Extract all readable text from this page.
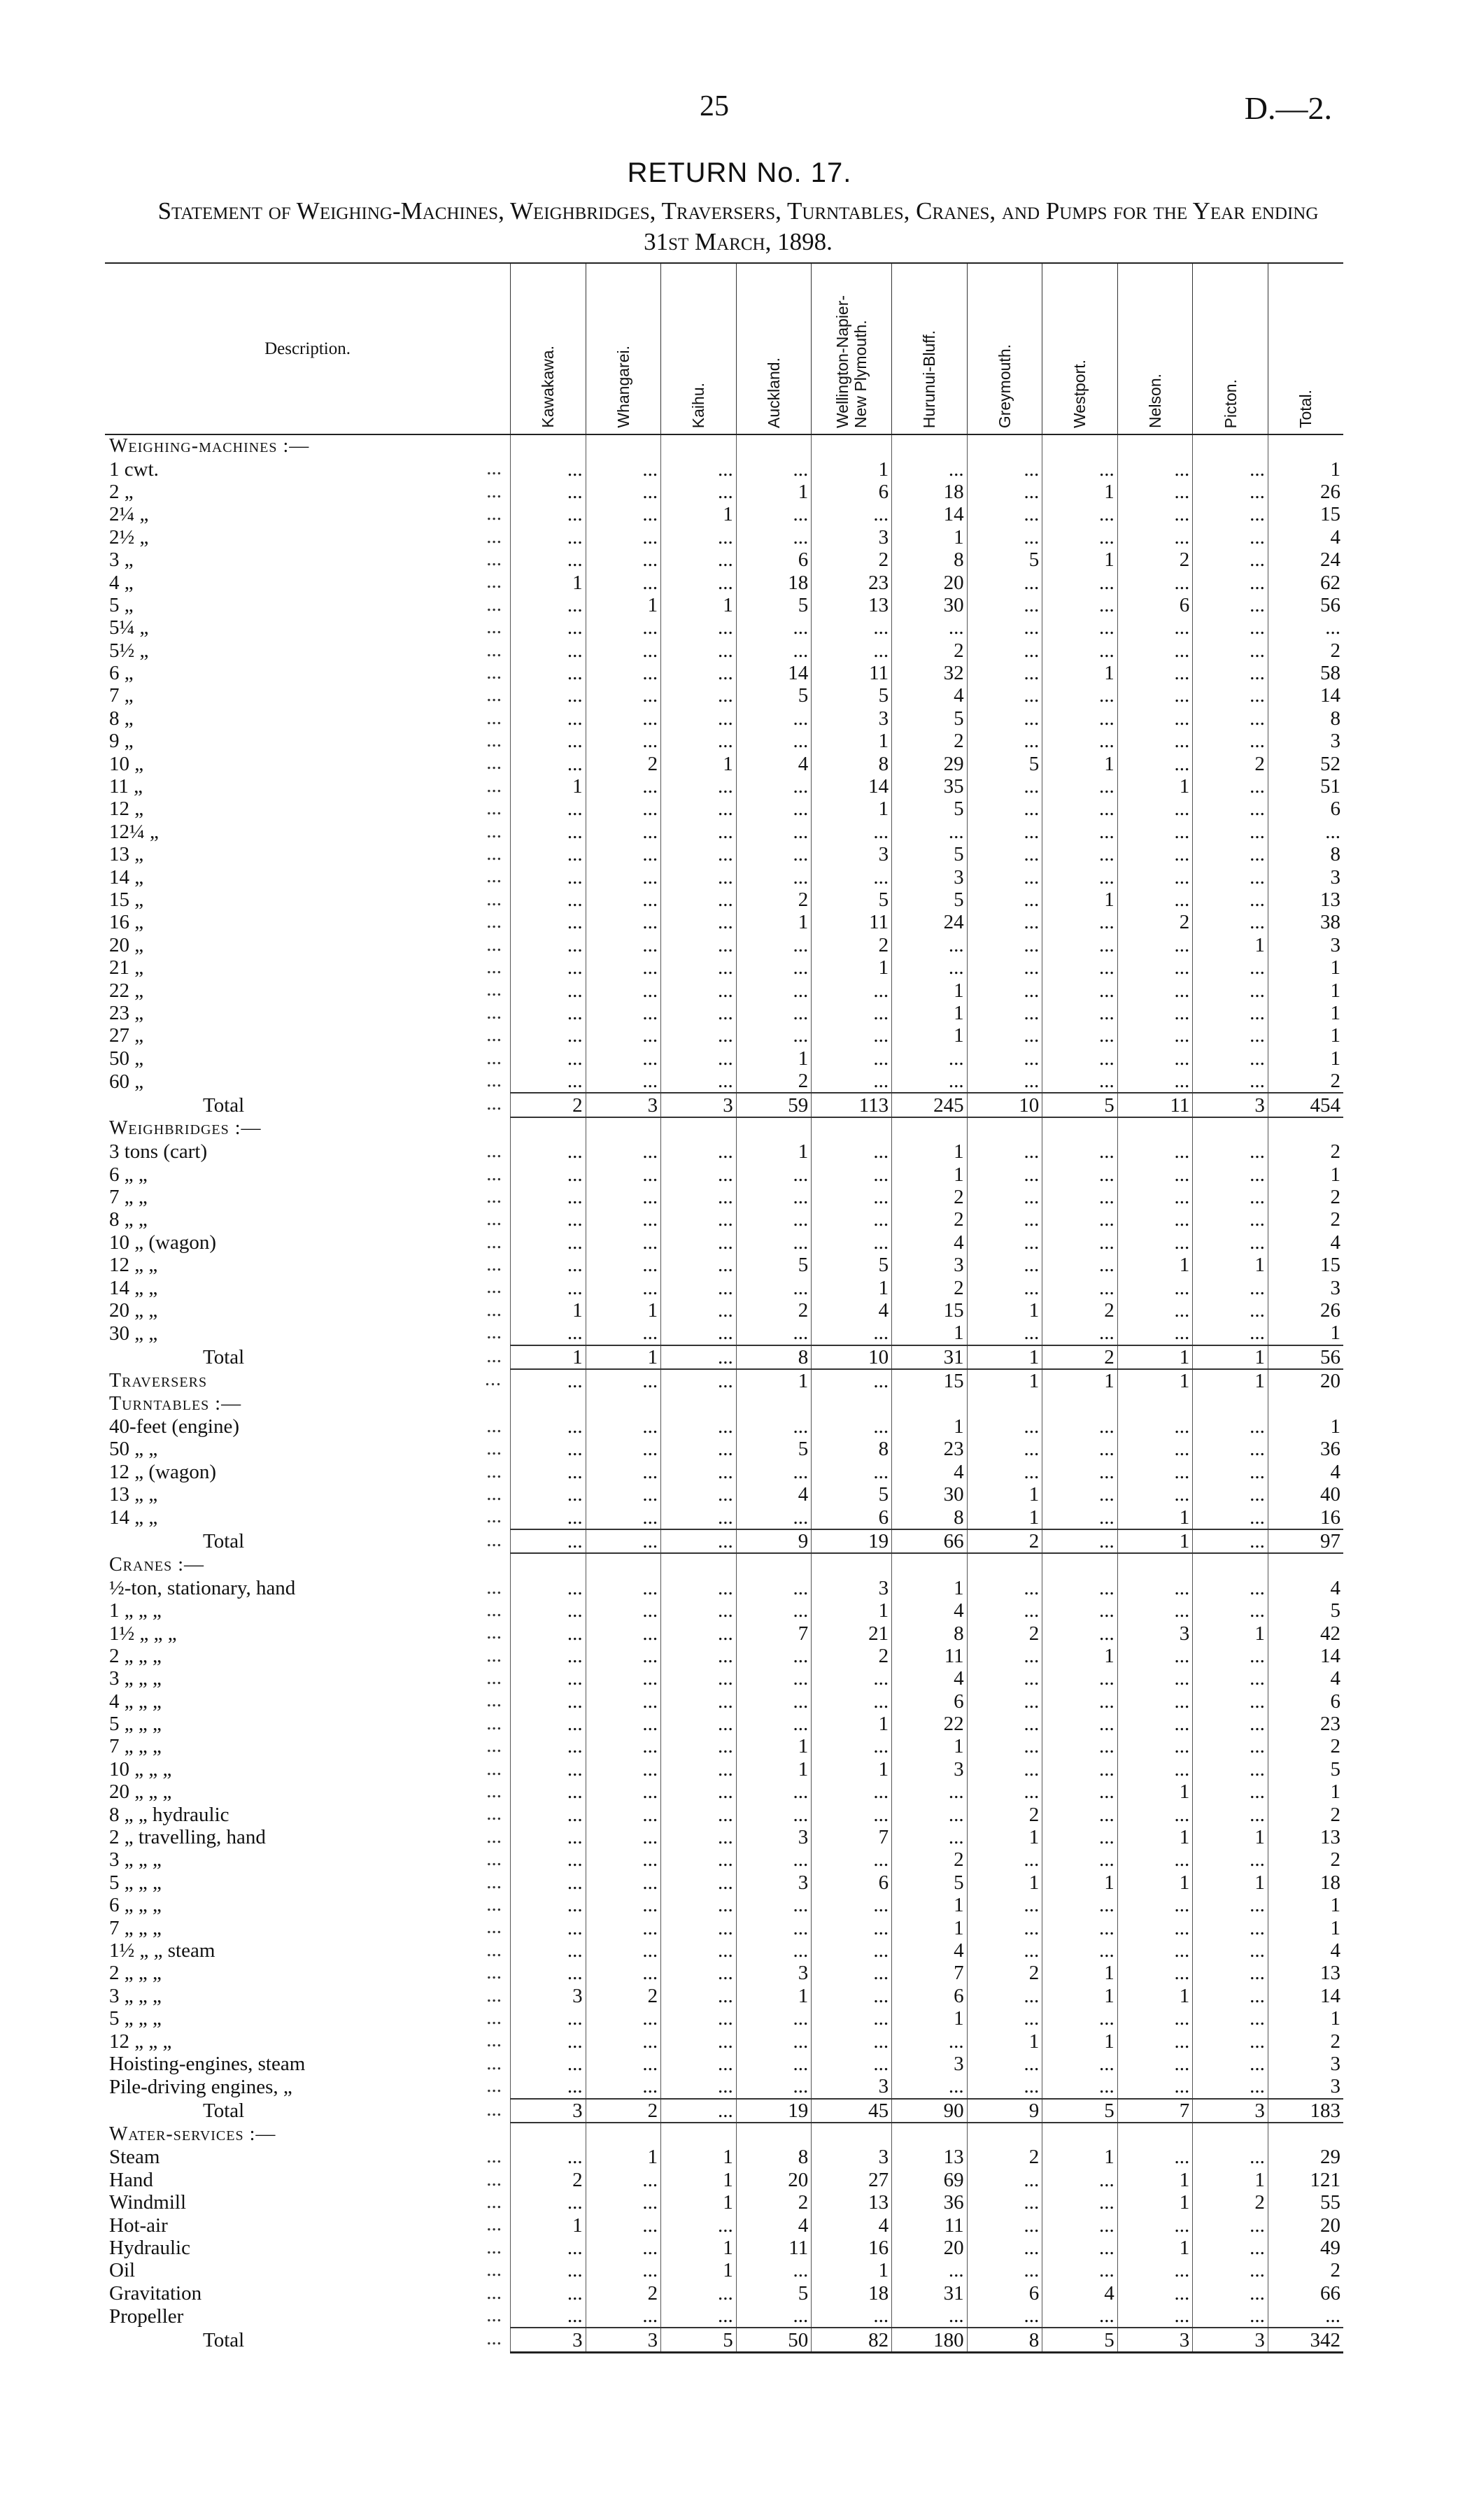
25	D.—2.
RETURN No. 17.
Statement of Weighing-Machines, Weighbridges, Traversers, Turntables, Cranes, and Pumps for the Year ending 31st March, 1898.
Description.	Kawakawa.	Whangarei.	Kaihu.	Auckland.	Wellington-Napier-New Plymouth.	Hurunui-Bluff.	Greymouth.	Westport.	Nelson.	Picton.	Total.
Weighing-machines :—											
1 cwt. ...	...	...	...	...	1	...	...	...	...	...	1
2 „ ...	...	...	...	1	6	18	...	1	...	...	26
2¼ „ ...	...	...	1	...	...	14	...	...	...	...	15
2½ „ ...	...	...	...	...	3	1	...	...	...	...	4
3 „ ...	...	...	...	6	2	8	5	1	2	...	24
4 „ ...	1	...	...	18	23	20	...	...	...	...	62
5 „ ...	...	1	1	5	13	30	...	...	6	...	56
5¼ „ ...	...	...	...	...	...	...	...	...	...	...	...
5½ „ ...	...	...	...	...	...	2	...	...	...	...	2
6 „ ...	...	...	...	14	11	32	...	1	...	...	58
7 „ ...	...	...	...	5	5	4	...	...	...	...	14
8 „ ...	...	...	...	...	3	5	...	...	...	...	8
9 „ ...	...	...	...	...	1	2	...	...	...	...	3
10 „ ...	...	2	1	4	8	29	5	1	...	2	52
11 „ ...	1	...	...	...	14	35	...	...	1	...	51
12 „ ...	...	...	...	...	1	5	...	...	...	...	6
12¼ „ ...	...	...	...	...	...	...	...	...	...	...	...
13 „ ...	...	...	...	...	3	5	...	...	...	...	8
14 „ ...	...	...	...	...	...	3	...	...	...	...	3
15 „ ...	...	...	...	2	5	5	...	1	...	...	13
16 „ ...	...	...	...	1	11	24	...	...	2	...	38
20 „ ...	...	...	...	...	2	...	...	...	...	1	3
21 „ ...	...	...	...	...	1	...	...	...	...	...	1
22 „ ...	...	...	...	...	...	1	...	...	...	...	1
23 „ ...	...	...	...	...	...	1	...	...	...	...	1
27 „ ...	...	...	...	...	...	1	...	...	...	...	1
50 „ ...	...	...	...	1	...	...	...	...	...	...	1
60 „ ...	...	...	...	2	...	...	...	...	...	...	2
Total ...	2	3	3	59	113	245	10	5	11	3	454
Weighbridges :—											
3 tons (cart) ...	...	...	...	1	...	1	...	...	...	...	2
6 „ „ ...	...	...	...	...	...	1	...	...	...	...	1
7 „ „ ...	...	...	...	...	...	2	...	...	...	...	2
8 „ „ ...	...	...	...	...	...	2	...	...	...	...	2
10 „ (wagon) ...	...	...	...	...	...	4	...	...	...	...	4
12 „ „ ...	...	...	...	5	5	3	...	...	1	1	15
14 „ „ ...	...	...	...	...	1	2	...	...	...	...	3
20 „ „ ...	1	1	...	2	4	15	1	2	...	...	26
30 „ „ ...	...	...	...	...	...	1	...	...	...	...	1
Total ...	1	1	...	8	10	31	1	2	1	1	56
Traversers ...	...	...	...	1	...	15	1	1	1	1	20
Turntables :—											
40-feet (engine) ...	...	...	...	...	...	1	...	...	...	...	1
50 „ „ ...	...	...	...	5	8	23	...	...	...	...	36
12 „ (wagon) ...	...	...	...	...	...	4	...	...	...	...	4
13 „ „ ...	...	...	...	4	5	30	1	...	...	...	40
14 „ „ ...	...	...	...	...	6	8	1	...	1	...	16
Total ...	...	...	...	9	19	66	2	...	1	...	97
Cranes :—											
½-ton, stationary, hand ...	...	...	...	...	3	1	...	...	...	...	4
1 „ „ „ ...	...	...	...	...	1	4	...	...	...	...	5
1½ „ „ „ ...	...	...	...	7	21	8	2	...	3	1	42
2 „ „ „ ...	...	...	...	...	2	11	...	1	...	...	14
3 „ „ „ ...	...	...	...	...	...	4	...	...	...	...	4
4 „ „ „ ...	...	...	...	...	...	6	...	...	...	...	6
5 „ „ „ ...	...	...	...	...	1	22	...	...	...	...	23
7 „ „ „ ...	...	...	...	1	...	1	...	...	...	...	2
10 „ „ „ ...	...	...	...	1	1	3	...	...	...	...	5
20 „ „ „ ...	...	...	...	...	...	...	...	...	1	...	1
8 „ „ hydraulic ...	...	...	...	...	...	...	2	...	...	...	2
2 „ travelling, hand ...	...	...	...	3	7	...	1	...	1	1	13
3 „ „ „ ...	...	...	...	...	...	2	...	...	...	...	2
5 „ „ „ ...	...	...	...	3	6	5	1	1	1	1	18
6 „ „ „ ...	...	...	...	...	...	1	...	...	...	...	1
7 „ „ „ ...	...	...	...	...	...	1	...	...	...	...	1
1½ „ „ steam ...	...	...	...	...	...	4	...	...	...	...	4
2 „ „ „ ...	...	...	...	3	...	7	2	1	...	...	13
3 „ „ „ ...	3	2	...	1	...	6	...	1	1	...	14
5 „ „ „ ...	...	...	...	...	...	1	...	...	...	...	1
12 „ „ „ ...	...	...	...	...	...	...	1	1	...	...	2
Hoisting-engines, steam ...	...	...	...	...	...	3	...	...	...	...	3
Pile-driving engines, „ ...	...	...	...	...	3	...	...	...	...	...	3
Total ...	3	2	...	19	45	90	9	5	7	3	183
Water-services :—											
Steam ...	...	1	1	8	3	13	2	1	...	...	29
Hand ...	2	...	1	20	27	69	...	...	1	1	121
Windmill ...	...	...	1	2	13	36	...	...	1	2	55
Hot-air ...	1	...	...	4	4	11	...	...	...	...	20
Hydraulic ...	...	...	1	11	16	20	...	...	1	...	49
Oil ...	...	...	1	...	1	...	...	...	...	...	2
Gravitation ...	...	2	...	5	18	31	6	4	...	...	66
Propeller ...	...	...	...	...	...	...	...	...	...	...	...
Total ...	3	3	5	50	82	180	8	5	3	3	342
